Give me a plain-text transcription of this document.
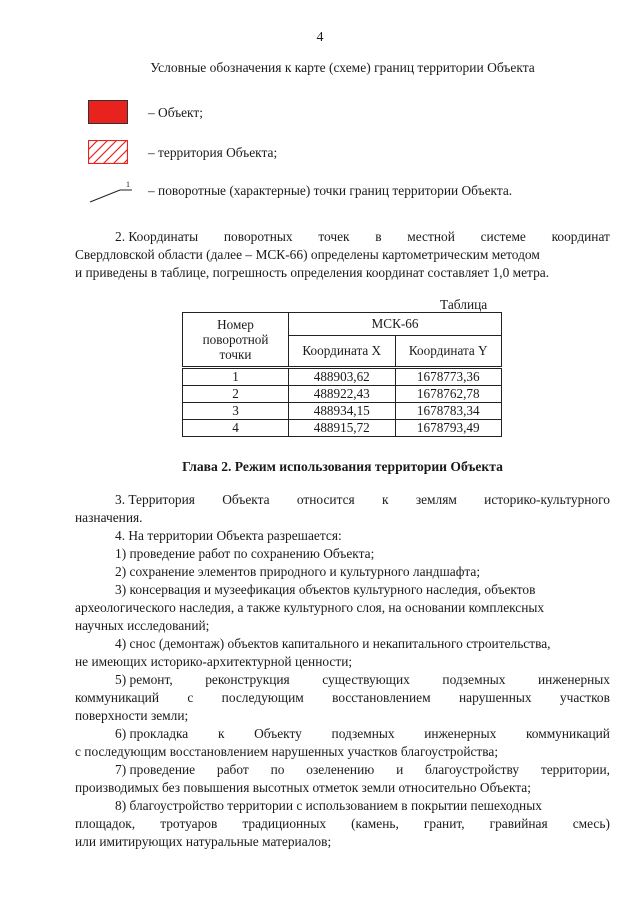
4
Условные обозначения к карте (схеме) границ территории Объекта
– Объект;
– территория Объекта;
1 – поворотные (характерные) точки границ территории Объекта.
2. Координаты поворотных точек в местной системе координат
Свердловской области (далее – МСК-66) определены картометрическим методом
и приведены в таблице, погрешность определения координат составляет 1,0 метра.
Таблица
Номер
поворотной
точки	МСК-66	
	Координата X	Координата Y
1	488903,62	1678773,36
2	488922,43	1678762,78
3	488934,15	1678783,34
4	488915,72	1678793,49
Глава 2. Режим использования территории Объекта
3. Территория Объекта относится к землям историко-культурного
назначения.
4. На территории Объекта разрешается:
1) проведение работ по сохранению Объекта;
2) сохранение элементов природного и культурного ландшафта;
3) консервация и музеефикация объектов культурного наследия, объектов
археологического наследия, а также культурного слоя, на основании комплексных
научных исследований;
4) снос (демонтаж) объектов капитального и некапитального строительства,
не имеющих историко-архитектурной ценности;
5) ремонт, реконструкция существующих подземных инженерных
коммуникаций с последующим восстановлением нарушенных участков
поверхности земли;
6) прокладка к Объекту подземных инженерных коммуникаций
с последующим восстановлением нарушенных участков благоустройства;
7) проведение работ по озеленению и благоустройству территории,
производимых без повышения высотных отметок земли относительно Объекта;
8) благоустройство территории с использованием в покрытии пешеходных
площадок, тротуаров традиционных (камень, гранит, гравийная смесь)
или имитирующих натуральные материалов;
